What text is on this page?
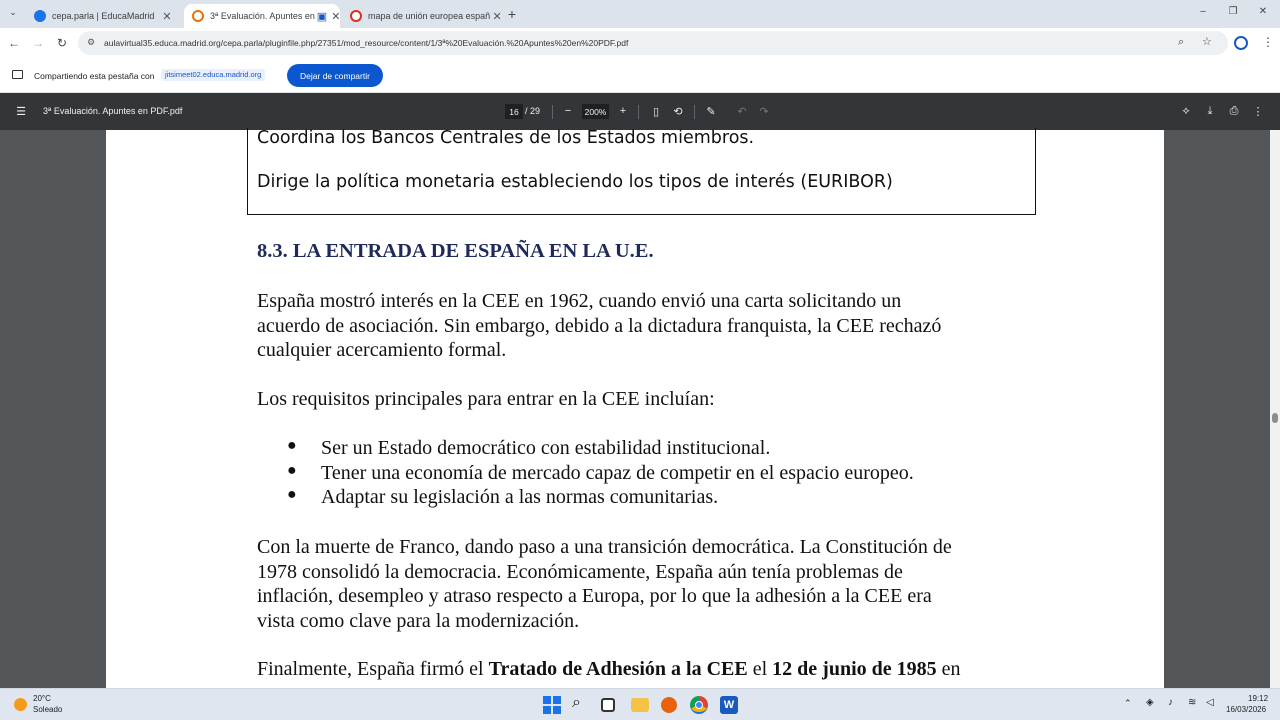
⌄	cepa.parla | EducaMadrid ✕	3ª Evaluación. Apuntes en ▣ ✕	mapa de unión europea españ ✕ +	–	❐ ✕
←	→	↻	⚙ aulavirtual35.educa.madrid.org/cepa.parla/pluginfile.php/27351/mod_resource/content/1/3ª%20Evaluación.%20Apuntes%20en%20PDF.pdf	⌕ ☆	⋮
Compartiendo esta pestaña con	jitsimeet02.educa.madrid.org	Dejar de compartir
☰	3ª Evaluación. Apuntes en PDF.pdf	16 / 29	−	200%	+	▯	⟲	✎	↶	↷	⟡	⤓	⎙	⋮
Coordina los Bancos Centrales de los Estados miembros.
Dirige la política monetaria estableciendo los tipos de interés (EURIBOR)
8.3. LA ENTRADA DE ESPAÑA EN LA U.E.
España mostró interés en la CEE en 1962, cuando envió una carta solicitando un
acuerdo de asociación. Sin embargo, debido a la dictadura franquista, la CEE rechazó
cualquier acercamiento formal.
Los requisitos principales para entrar en la CEE incluían:
● Ser un Estado democrático con estabilidad institucional.
● Tener una economía de mercado capaz de competir en el espacio europeo.
● Adaptar su legislación a las normas comunitarias.
Con la muerte de Franco, dando paso a una transición democrática. La Constitución de
1978 consolidó la democracia. Económicamente, España aún tenía problemas de
inflación, desempleo y atraso respecto a Europa, por lo que la adhesión a la CEE era
vista como clave para la modernización.
Finalmente, España firmó el Tratado de Adhesión a la CEE el 12 de junio de 1985 en
20°C
Soleado	⌕	W	⌃ ◈ ♪ ≋ ◁	19:12
16/03/2026
